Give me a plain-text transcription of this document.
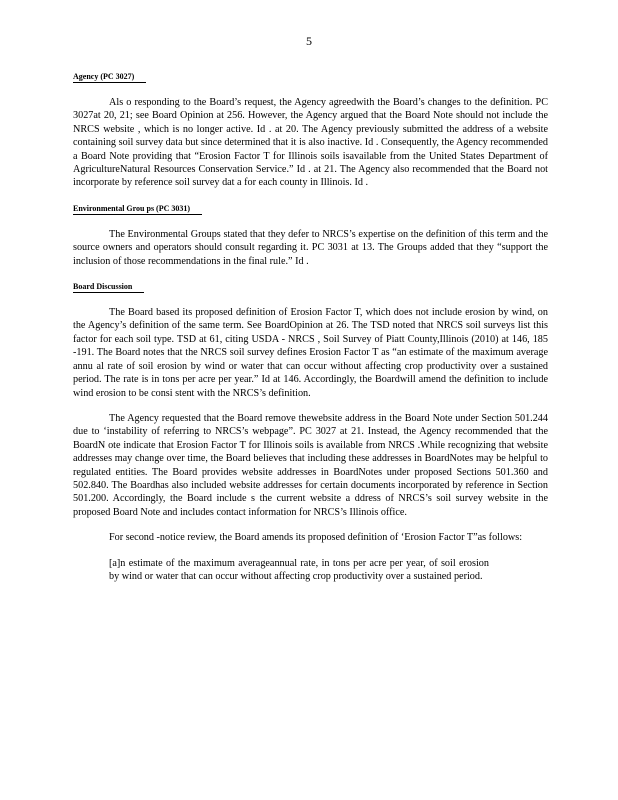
5
Agency (PC 3027)

Als o responding to the Board’s request, the Agency agreedwith the Board’s changes to the definition. PC 3027at 20, 21; see Board Opinion at 256. However, the Agency argued that the Board Note should not include the NRCS website , which is no longer active. Id . at 20. The Agency previously submitted the address of a website containing soil survey data but since determined that it is also inactive. Id . Consequently, the Agency recommended a Board Note providing that “Erosion Factor T for Illinois soils isavailable from the United States Department of AgricultureNatural Resources Conservation Service.” Id . at 21. The Agency also recommended that the Board not incorporate by reference soil survey dat a for each county in Illinois. Id .

Environmental Grou ps (PC 3031)

The Environmental Groups stated that they defer to NRCS’s expertise on the definition of this term and the source owners and operators should consult regarding it. PC 3031 at 13. The Groups added that they “support the inclusion of those recommendations in the final rule.” Id .

Board Discussion

The Board based its proposed definition of Erosion Factor T, which does not include erosion by wind, on the Agency’s definition of the same term. See BoardOpinion at 26. The TSD noted that NRCS soil surveys list this factor for each soil type. TSD at 61, citing USDA - NRCS , Soil Survey of Piatt County,Illinois (2010) at 146, 185 -191. The Board notes that the NRCS soil survey defines Erosion Factor T as “an estimate of the maximum average annu al rate of soil erosion by wind or water that can occur without affecting crop productivity over a sustained period. The rate is in tons per acre per year.” Id at 146. Accordingly, the Boardwill amend the definition to include wind erosion to be consi stent with the NRCS’s definition.

The Agency requested that the Board remove thewebsite address in the Board Note under Section 501.244 due to ‘instability of referring to NRCS’s webpage”. PC 3027 at 21. Instead, the Agency recommended that the BoardN ote indicate that Erosion Factor T for Illinois soils is available from NRCS .While recognizing that website addresses may change over time, the Board believes that including these addresses in BoardNotes may be helpful to regulated entities. The Board provides website addresses in BoardNotes under proposed Sections 501.360 and 502.840. The Boardhas also included website addresses for certain documents incorporated by reference in Section 501.200. Accordingly, the Board include s the current website a ddress of NRCS’s soil survey website in the proposed Board Note and includes contact information for NRCS’s Illinois office.

For second -notice review, the Board amends its proposed definition of ‘Erosion Factor T”as follows:

[a]n estimate of the maximum averageannual rate, in tons per acre per year, of soil erosion by wind or water that can occur without affecting crop productivity over a sustained period.
